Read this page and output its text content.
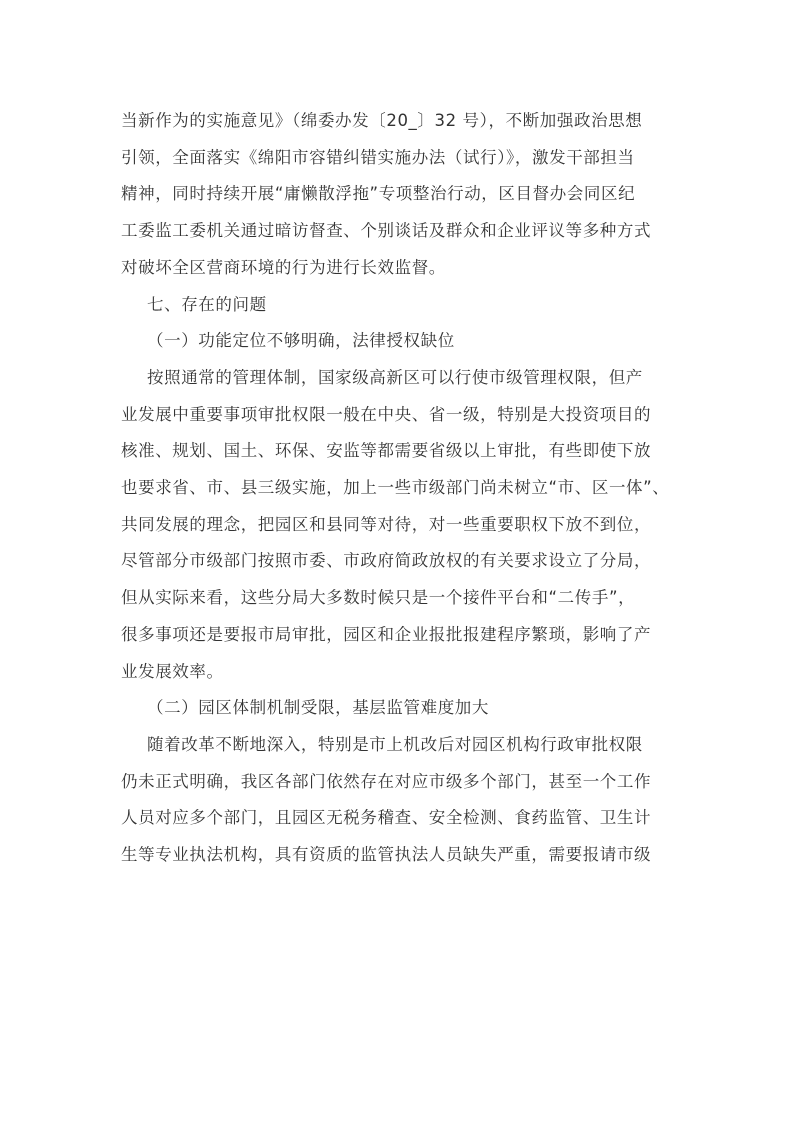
当新作为的实施意见》（绵委办发〔20_〕32 号），不断加强政治思想
引领，全面落实《绵阳市容错纠错实施办法（试行）》，激发干部担当
精神，同时持续开展“庸懒散浮拖”专项整治行动，区目督办会同区纪
工委监工委机关通过暗访督查、个别谈话及群众和企业评议等多种方式
对破坏全区营商环境的行为进行长效监督。

七、存在的问题

（一）功能定位不够明确，法律授权缺位

按照通常的管理体制，国家级高新区可以行使市级管理权限，但产
业发展中重要事项审批权限一般在中央、省一级，特别是大投资项目的
核准、规划、国土、环保、安监等都需要省级以上审批，有些即使下放
也要求省、市、县三级实施，加上一些市级部门尚未树立“市、区一体”、
共同发展的理念，把园区和县同等对待，对一些重要职权下放不到位，
尽管部分市级部门按照市委、市政府简政放权的有关要求设立了分局，
但从实际来看，这些分局大多数时候只是一个接件平台和“二传手”，
很多事项还是要报市局审批，园区和企业报批报建程序繁琐，影响了产
业发展效率。

（二）园区体制机制受限，基层监管难度加大

随着改革不断地深入，特别是市上机改后对园区机构行政审批权限
仍未正式明确，我区各部门依然存在对应市级多个部门，甚至一个工作
人员对应多个部门，且园区无税务稽查、安全检测、食药监管、卫生计
生等专业执法机构，具有资质的监管执法人员缺失严重，需要报请市级
